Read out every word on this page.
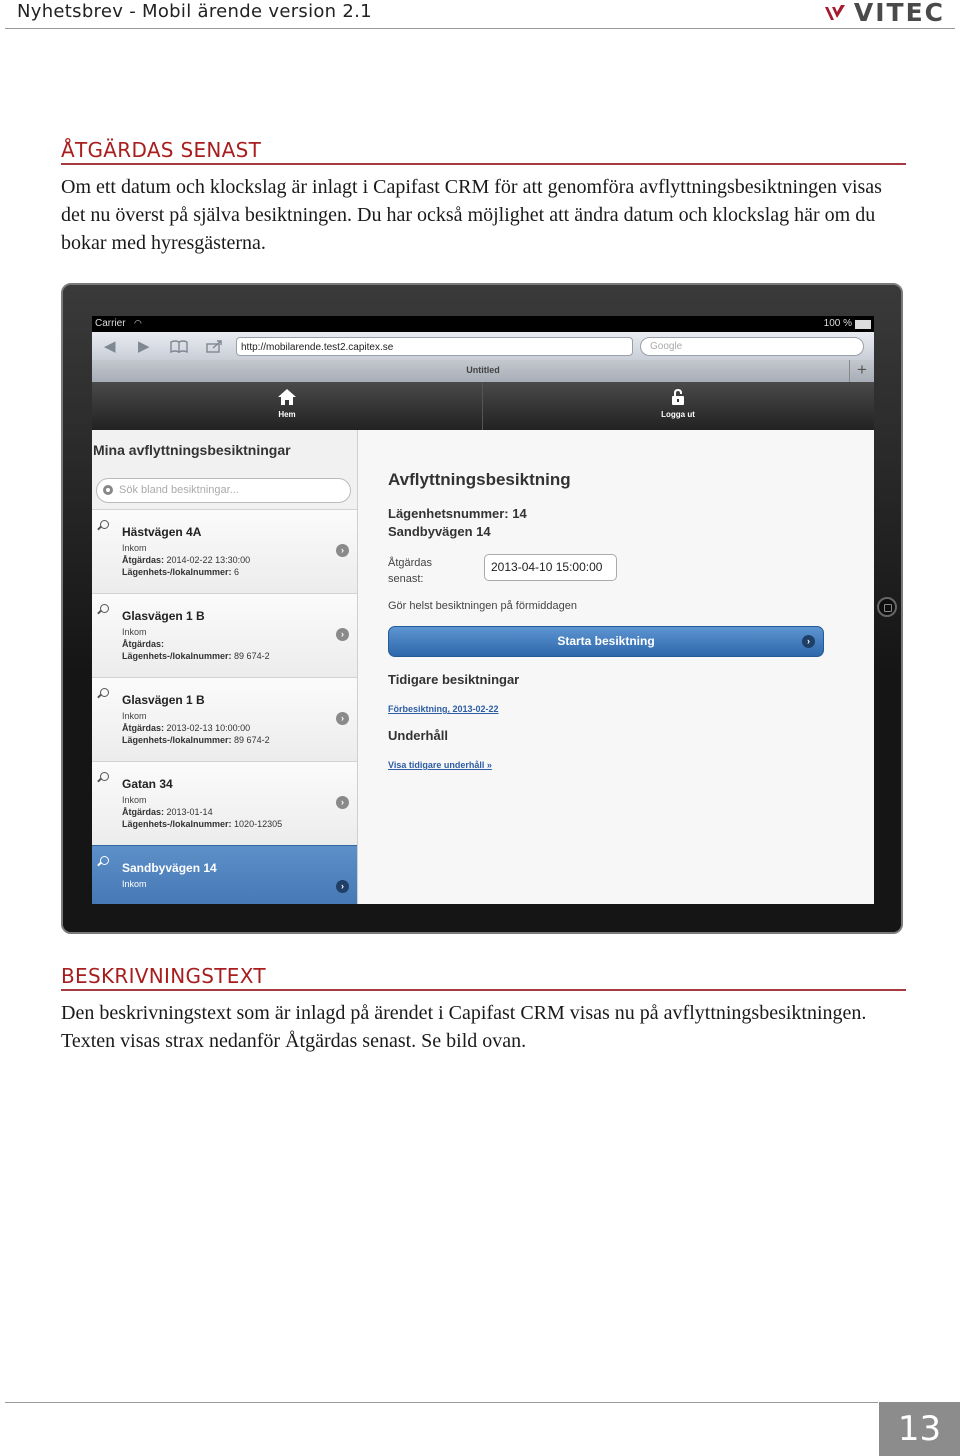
Nyhetsbrev - Mobil ärende version 2.1	VITEC
ÅTGÄRDAS SENAST

Om ett datum och klockslag är inlagt i Capifast CRM för att genomföra avflyttningsbesiktningen visas det nu överst på själva besiktningen. Du har också möjlighet att ändra datum och klockslag här om du bokar med hyresgästerna.

Carrier ◠	100 %
◀ ▶	http://mobilarende.test2.capitex.se	Google
Untitled	+
Hem	Logga ut
Mina avflyttningsbesiktningar
Sök bland besiktningar...
Hästvägen 4A
Inkom
Åtgärdas: 2014-02-22 13:30:00
Lägenhets-/lokalnummer: 6
›
Glasvägen 1 B
Inkom
Åtgärdas:
Lägenhets-/lokalnummer: 89 674-2
›
Glasvägen 1 B
Inkom
Åtgärdas: 2013-02-13 10:00:00
Lägenhets-/lokalnummer: 89 674-2
›
Gatan 34
Inkom
Åtgärdas: 2013-01-14
Lägenhets-/lokalnummer: 1020-12305
›
Sandbyvägen 14
Inkom	›
Avflyttningsbesiktning
Lägenhetsnummer: 14
Sandbyvägen 14
Åtgärdas
senast:
2013-04-10 15:00:00
Gör helst besiktningen på förmiddagen
Starta besiktning	›
Tidigare besiktningar
Förbesiktning, 2013-02-22
Underhåll
Visa tidigare underhåll »
BESKRIVNINGSTEXT

Den beskrivningstext som är inlagd på ärendet i Capifast CRM visas nu på avflyttningsbesiktningen. Texten visas strax nedanför Åtgärdas senast. Se bild ovan.

13
